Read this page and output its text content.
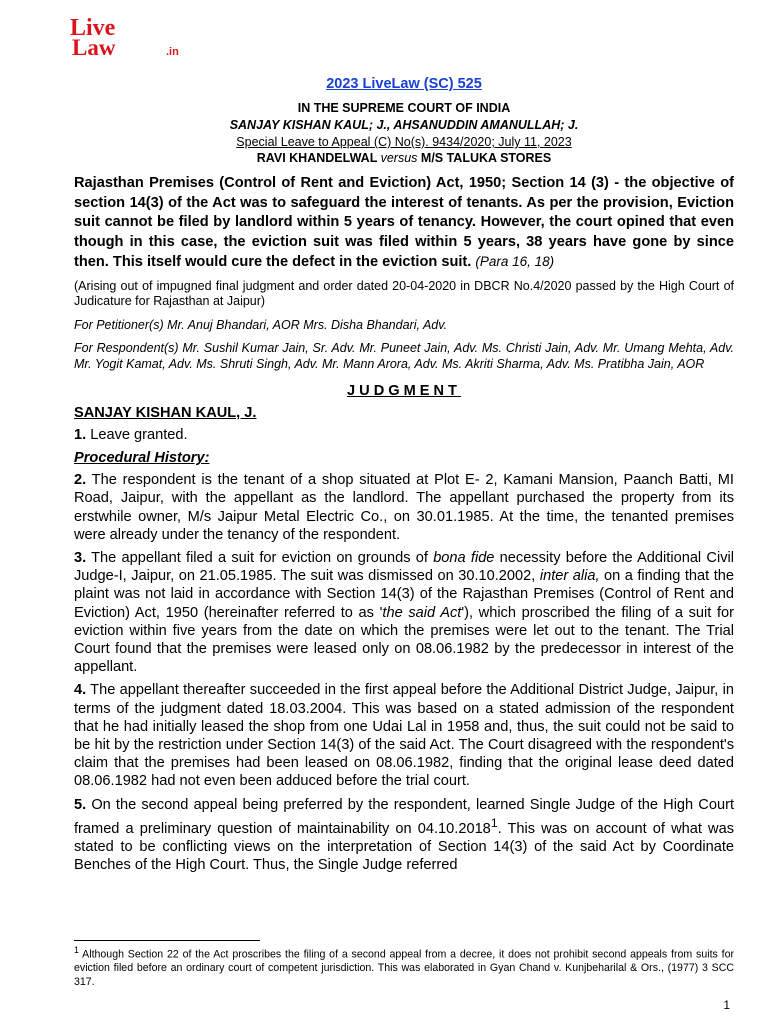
Live
Law	.in

2023 LiveLaw (SC) 525

IN THE SUPREME COURT OF INDIA

SANJAY KISHAN KAUL; J., AHSANUDDIN AMANULLAH; J.

Special Leave to Appeal (C) No(s). 9434/2020; July 11, 2023

RAVI KHANDELWAL versus M/S TALUKA STORES

Rajasthan Premises (Control of Rent and Eviction) Act, 1950; Section 14 (3) - the objective of section 14(3) of the Act was to safeguard the interest of tenants. As per the provision, Eviction suit cannot be filed by landlord within 5 years of tenancy. However, the court opined that even though in this case, the eviction suit was filed within 5 years, 38 years have gone by since then. This itself would cure the defect in the eviction suit. (Para 16, 18)

(Arising out of impugned final judgment and order dated 20-04-2020 in DBCR No.4/2020 passed by the High Court of Judicature for Rajasthan at Jaipur)

For Petitioner(s) Mr. Anuj Bhandari, AOR Mrs. Disha Bhandari, Adv.

For Respondent(s) Mr. Sushil Kumar Jain, Sr. Adv. Mr. Puneet Jain, Adv. Ms. Christi Jain, Adv. Mr. Umang Mehta, Adv. Mr. Yogit Kamat, Adv. Ms. Shruti Singh, Adv. Mr. Mann Arora, Adv. Ms. Akriti Sharma, Adv. Ms. Pratibha Jain, AOR

JUDGMENT

SANJAY KISHAN KAUL, J.

1. Leave granted.

Procedural History:

2. The respondent is the tenant of a shop situated at Plot E- 2, Kamani Mansion, Paanch Batti, MI Road, Jaipur, with the appellant as the landlord. The appellant purchased the property from its erstwhile owner, M/s Jaipur Metal Electric Co., on 30.01.1985. At the time, the tenanted premises were already under the tenancy of the respondent.

3. The appellant filed a suit for eviction on grounds of bona fide necessity before the Additional Civil Judge-I, Jaipur, on 21.05.1985. The suit was dismissed on 30.10.2002, inter alia, on a finding that the plaint was not laid in accordance with Section 14(3) of the Rajasthan Premises (Control of Rent and Eviction) Act, 1950 (hereinafter referred to as 'the said Act'), which proscribed the filing of a suit for eviction within five years from the date on which the premises were let out to the tenant. The Trial Court found that the premises were leased only on 08.06.1982 by the predecessor in interest of the appellant.

4. The appellant thereafter succeeded in the first appeal before the Additional District Judge, Jaipur, in terms of the judgment dated 18.03.2004. This was based on a stated admission of the respondent that he had initially leased the shop from one Udai Lal in 1958 and, thus, the suit could not be said to be hit by the restriction under Section 14(3) of the said Act. The Court disagreed with the respondent's claim that the premises had been leased on 08.06.1982, finding that the original lease deed dated 08.06.1982 had not even been adduced before the trial court.

5. On the second appeal being preferred by the respondent, learned Single Judge of the High Court framed a preliminary question of maintainability on 04.10.2018$^1$. This was on account of what was stated to be conflicting views on the interpretation of Section 14(3) of the said Act by Coordinate Benches of the High Court. Thus, the Single Judge referred

$^1$ Although Section 22 of the Act proscribes the filing of a second appeal from a decree, it does not prohibit second appeals from suits for eviction filed before an ordinary court of competent jurisdiction. This was elaborated in Gyan Chand v. Kunjbeharilal & Ors., (1977) 3 SCC 317.

1
